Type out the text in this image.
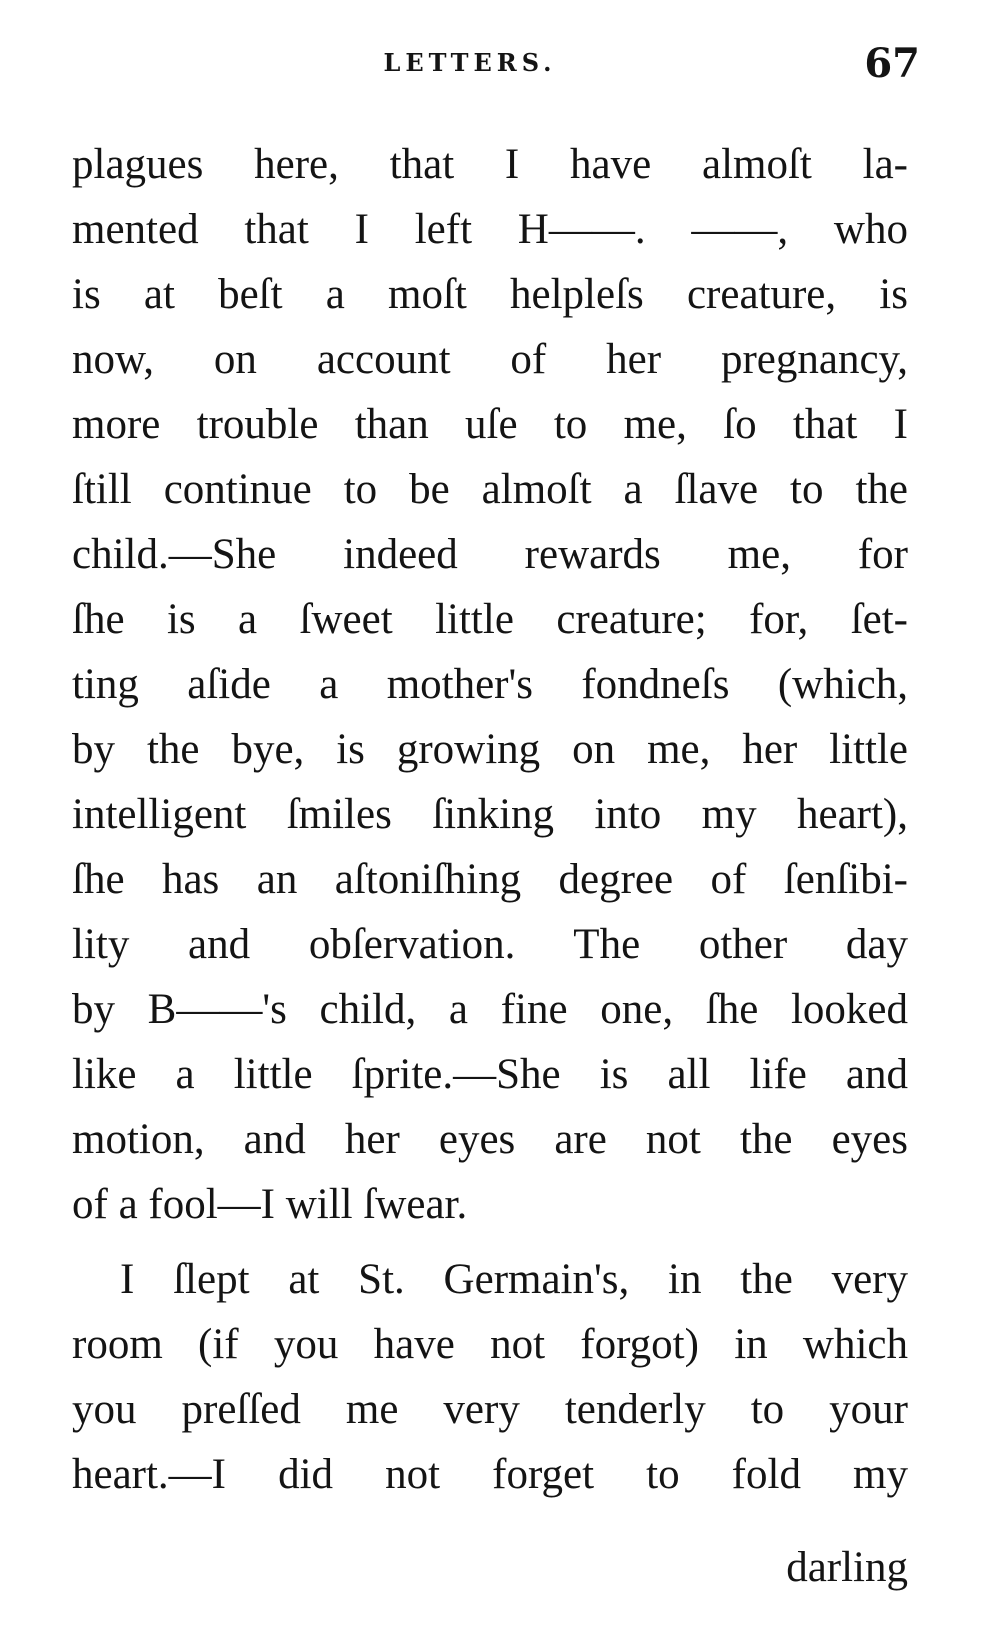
LETTERS.	67

plagues here, that I have almoſt la-
mented that I left H——. ——, who
is at beſt a moſt helpleſs creature, is
now, on account of her pregnancy,
more trouble than uſe to me, ſo that I
ſtill continue to be almoſt a ſlave to the
child.—She indeed rewards me, for
ſhe is a ſweet little creature; for, ſet-
ting aſide a mother's fondneſs (which,
by the bye, is growing on me, her little
intelligent ſmiles ſinking into my heart),
ſhe has an aſtoniſhing degree of ſenſibi-
lity and obſervation. The other day
by B——'s child, a fine one, ſhe looked
like a little ſprite.—She is all life and
motion, and her eyes are not the eyes
of a fool—I will ſwear.
I ſlept at St. Germain's, in the very
room (if you have not forgot) in which
you preſſed me very tenderly to your
heart.—I did not forget to fold my

darling
